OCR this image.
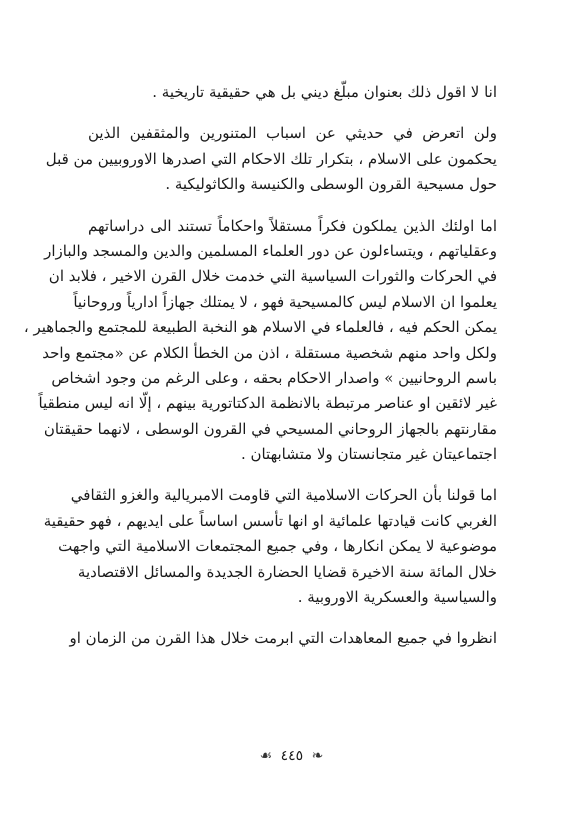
انا لا اقول ذلك بعنوان مبلّغ ديني بل هي حقيقية تاريخية .
ولن اتعرض في حديثي عن اسباب المتنورين والمثقفين الذين
يحكمون على الاسلام ، بتكرار تلك الاحكام التي اصدرها الاوروبيين من قبل
حول مسيحية القرون الوسطى والكنيسة والكاثوليكية .
اما اولئك الذين يملكون فكراً مستقلاً واحكاماً تستند الى دراساتهم
وعقلياتهم ، ويتساءلون عن دور العلماء المسلمين والدين والمسجد والبازار
في الحركات والثورات السياسية التي خدمت خلال القرن الاخير ، فلابد ان
يعلموا ان الاسلام ليس كالمسيحية فهو ، لا يمتلك جهازاً ادارياً وروحانياً
يمكن الحكم فيه ، فالعلماء في الاسلام هو النخبة الطبيعة للمجتمع والجماهير ،
ولكل واحد منهم شخصية مستقلة ، اذن من الخطأ الكلام عن «مجتمع واحد
باسم الروحانيين » واصدار الاحكام بحقه ، وعلى الرغم من وجود اشخاص
غير لائقين او عناصر مرتبطة بالانظمة الدكتاتورية بينهم ، إلّا انه ليس منطقياً
مقارنتهم بالجهاز الروحاني المسيحي في القرون الوسطى ، لانهما حقيقتان
اجتماعيتان غير متجانستان ولا متشابهتان .
اما قولنا بأن الحركات الاسلامية التي قاومت الامبريالية والغزو الثقافي
الغربي كانت قيادتها علمائية او انها تأسس اساساً على ايديهم ، فهو حقيقية
موضوعية لا يمكن انكارها ، وفي جميع المجتمعات الاسلامية التي واجهت
خلال المائة سنة الاخيرة قضايا الحضارة الجديدة والمسائل الاقتصادية
والسياسية والعسكرية الاوروبية .
انظروا في جميع المعاهدات التي ابرمت خلال هذا القرن من الزمان او
☙ ٤٤٥ ❧
